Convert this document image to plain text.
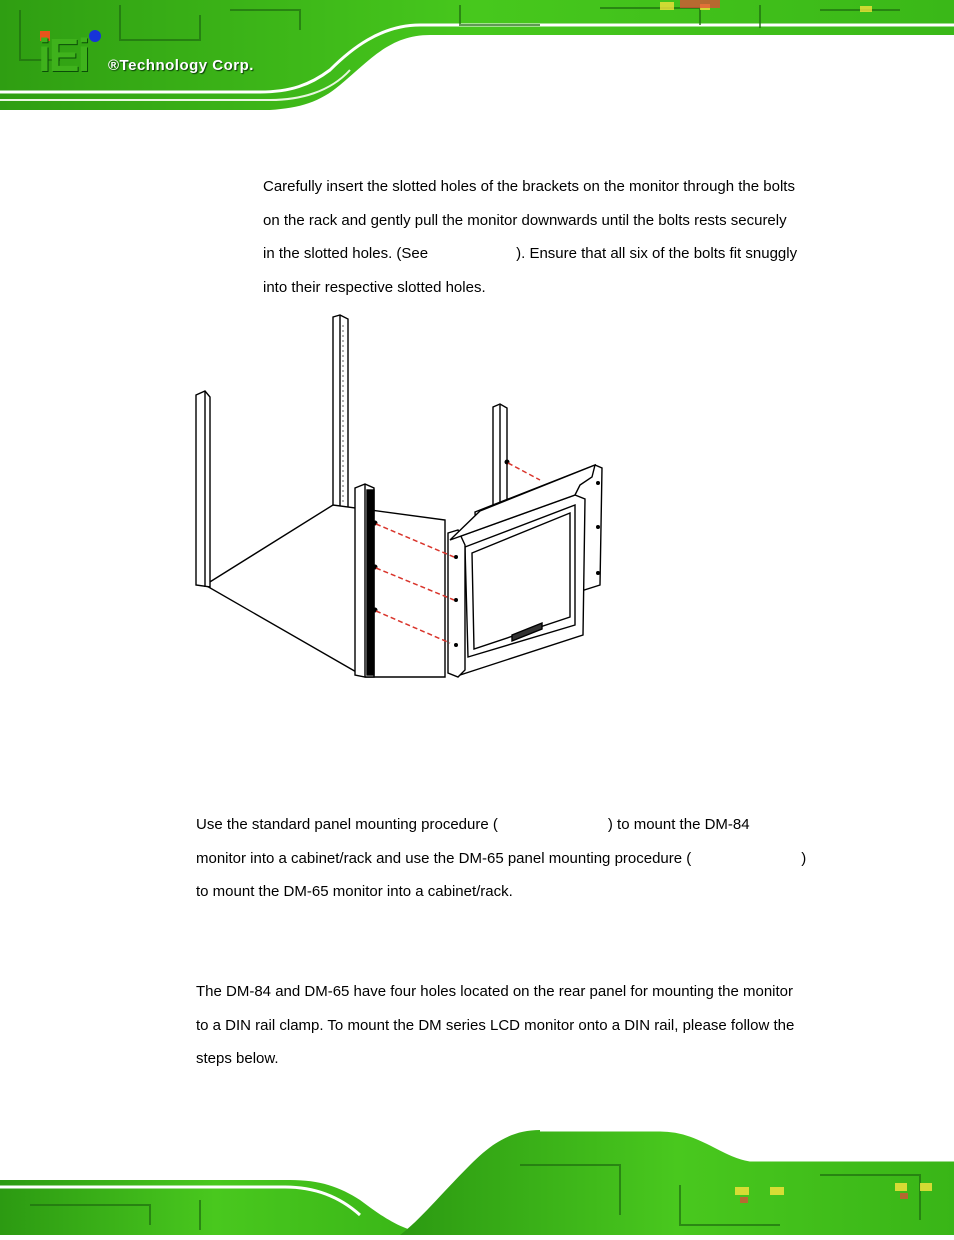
iEi ®Technology Corp.
Carefully insert the slotted holes of the brackets on the monitor through the bolts
on the rack and gently pull the monitor downwards until the bolts rests securely
in the slotted holes. (See	). Ensure that all six of the bolts fit snuggly
into their respective slotted holes.
Use the standard panel mounting procedure (	) to mount the DM-84
monitor into a cabinet/rack and use the DM-65 panel mounting procedure (	)
to mount the DM-65 monitor into a cabinet/rack.
The DM-84 and DM-65 have four holes located on the rear panel for mounting the monitor
to a DIN rail clamp. To mount the DM series LCD monitor onto a DIN rail, please follow the
steps below.
